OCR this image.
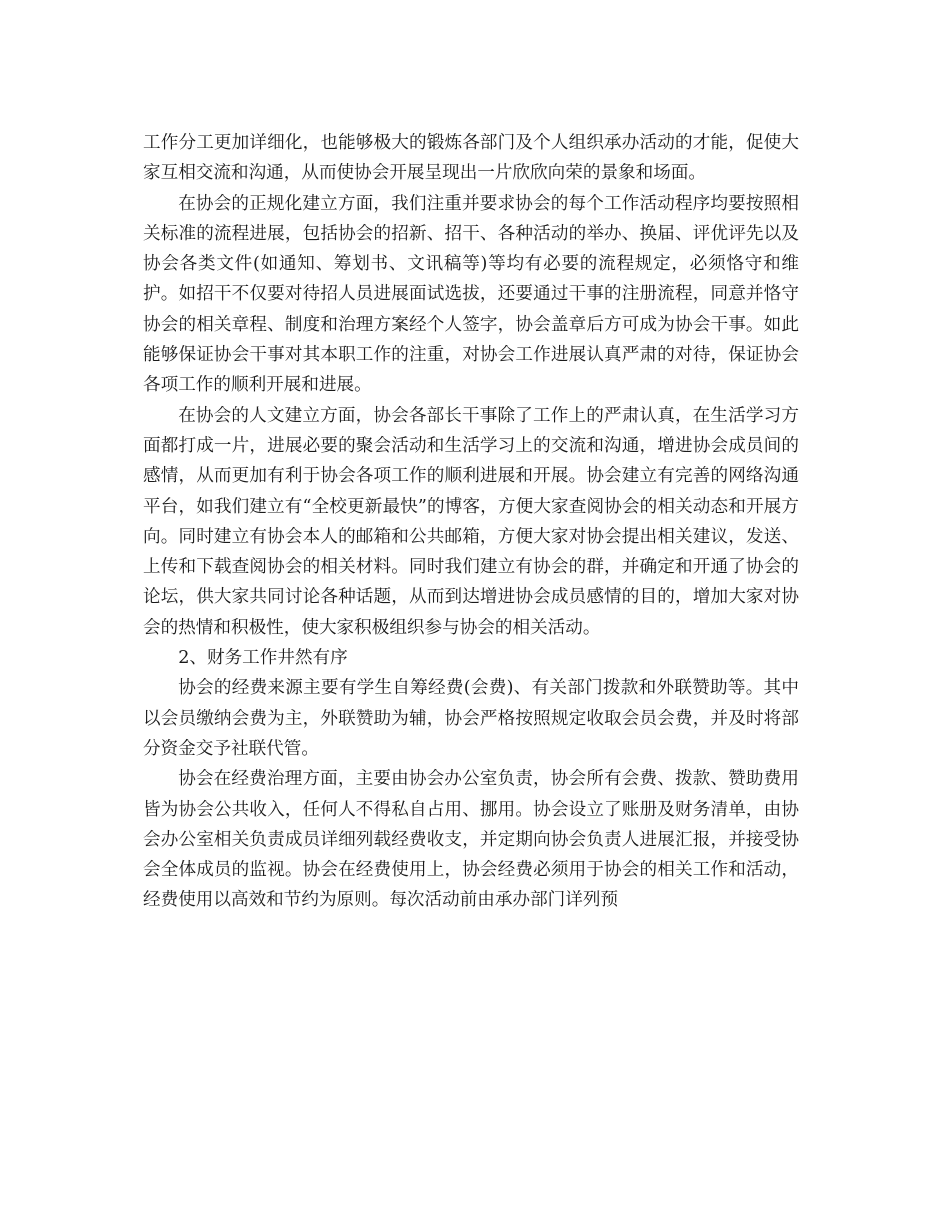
工作分工更加详细化，也能够极大的锻炼各部门及个人组织承办活动的才能，促使大家互相交流和沟通，从而使协会开展呈现出一片欣欣向荣的景象和场面。

在协会的正规化建立方面，我们注重并要求协会的每个工作活动程序均要按照相关标准的流程进展，包括协会的招新、招干、各种活动的举办、换届、评优评先以及协会各类文件(如通知、筹划书、文讯稿等)等均有必要的流程规定，必须恪守和维护。如招干不仅要对待招人员进展面试选拔，还要通过干事的注册流程，同意并恪守协会的相关章程、制度和治理方案经个人签字，协会盖章后方可成为协会干事。如此能够保证协会干事对其本职工作的注重，对协会工作进展认真严肃的对待，保证协会各项工作的顺利开展和进展。

在协会的人文建立方面，协会各部长干事除了工作上的严肃认真，在生活学习方面都打成一片，进展必要的聚会活动和生活学习上的交流和沟通，增进协会成员间的感情，从而更加有利于协会各项工作的顺利进展和开展。协会建立有完善的网络沟通平台，如我们建立有“全校更新最快”的博客，方便大家查阅协会的相关动态和开展方向。同时建立有协会本人的邮箱和公共邮箱，方便大家对协会提出相关建议，发送、上传和下载查阅协会的相关材料。同时我们建立有协会的群，并确定和开通了协会的论坛，供大家共同讨论各种话题，从而到达增进协会成员感情的目的，增加大家对协会的热情和积极性，使大家积极组织参与协会的相关活动。

2、财务工作井然有序

协会的经费来源主要有学生自筹经费(会费)、有关部门拨款和外联赞助等。其中以会员缴纳会费为主，外联赞助为辅，协会严格按照规定收取会员会费，并及时将部分资金交予社联代管。

协会在经费治理方面，主要由协会办公室负责，协会所有会费、拨款、赞助费用皆为协会公共收入，任何人不得私自占用、挪用。协会设立了账册及财务清单，由协会办公室相关负责成员详细列载经费收支，并定期向协会负责人进展汇报，并接受协会全体成员的监视。协会在经费使用上，协会经费必须用于协会的相关工作和活动，经费使用以高效和节约为原则。每次活动前由承办部门详列预
